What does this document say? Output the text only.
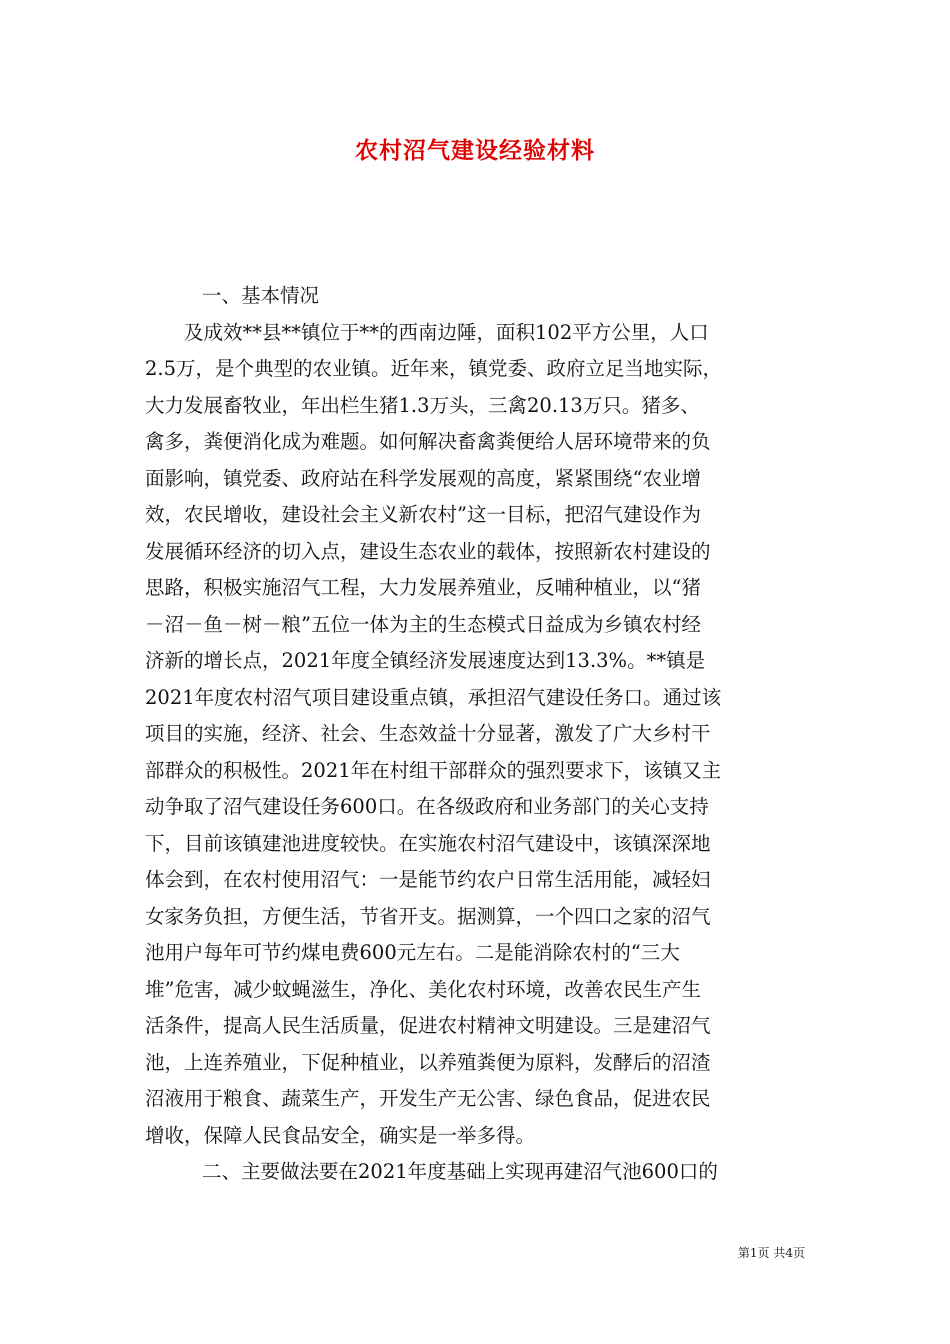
农村沼气建设经验材料
一、基本情况
　　及成效**县**镇位于**的西南边陲，面积102平方公里，人口
2.5万，是个典型的农业镇。近年来，镇党委、政府立足当地实际，
大力发展畜牧业，年出栏生猪1.3万头，三禽20.13万只。猪多、
禽多，粪便消化成为难题。如何解决畜禽粪便给人居环境带来的负
面影响，镇党委、政府站在科学发展观的高度，紧紧围绕“农业增
效，农民增收，建设社会主义新农村”这一目标，把沼气建设作为
发展循环经济的切入点，建设生态农业的载体，按照新农村建设的
思路，积极实施沼气工程，大力发展养殖业，反哺种植业，以“猪
－沼－鱼－树－粮”五位一体为主的生态模式日益成为乡镇农村经
济新的增长点，2021年度全镇经济发展速度达到13.3%。**镇是
2021年度农村沼气项目建设重点镇，承担沼气建设任务口。通过该
项目的实施，经济、社会、生态效益十分显著，激发了广大乡村干
部群众的积极性。2021年在村组干部群众的强烈要求下，该镇又主
动争取了沼气建设任务600口。在各级政府和业务部门的关心支持
下，目前该镇建池进度较快。在实施农村沼气建设中，该镇深深地
体会到，在农村使用沼气：一是能节约农户日常生活用能，减轻妇
女家务负担，方便生活，节省开支。据测算，一个四口之家的沼气
池用户每年可节约煤电费600元左右。二是能消除农村的“三大
堆”危害，减少蚊蝇滋生，净化、美化农村环境，改善农民生产生
活条件，提高人民生活质量，促进农村精神文明建设。三是建沼气
池，上连养殖业，下促种植业，以养殖粪便为原料，发酵后的沼渣
沼液用于粮食、蔬菜生产，开发生产无公害、绿色食品，促进农民
增收，保障人民食品安全，确实是一举多得。
二、主要做法要在2021年度基础上实现再建沼气池600口的
第1页 共4页
